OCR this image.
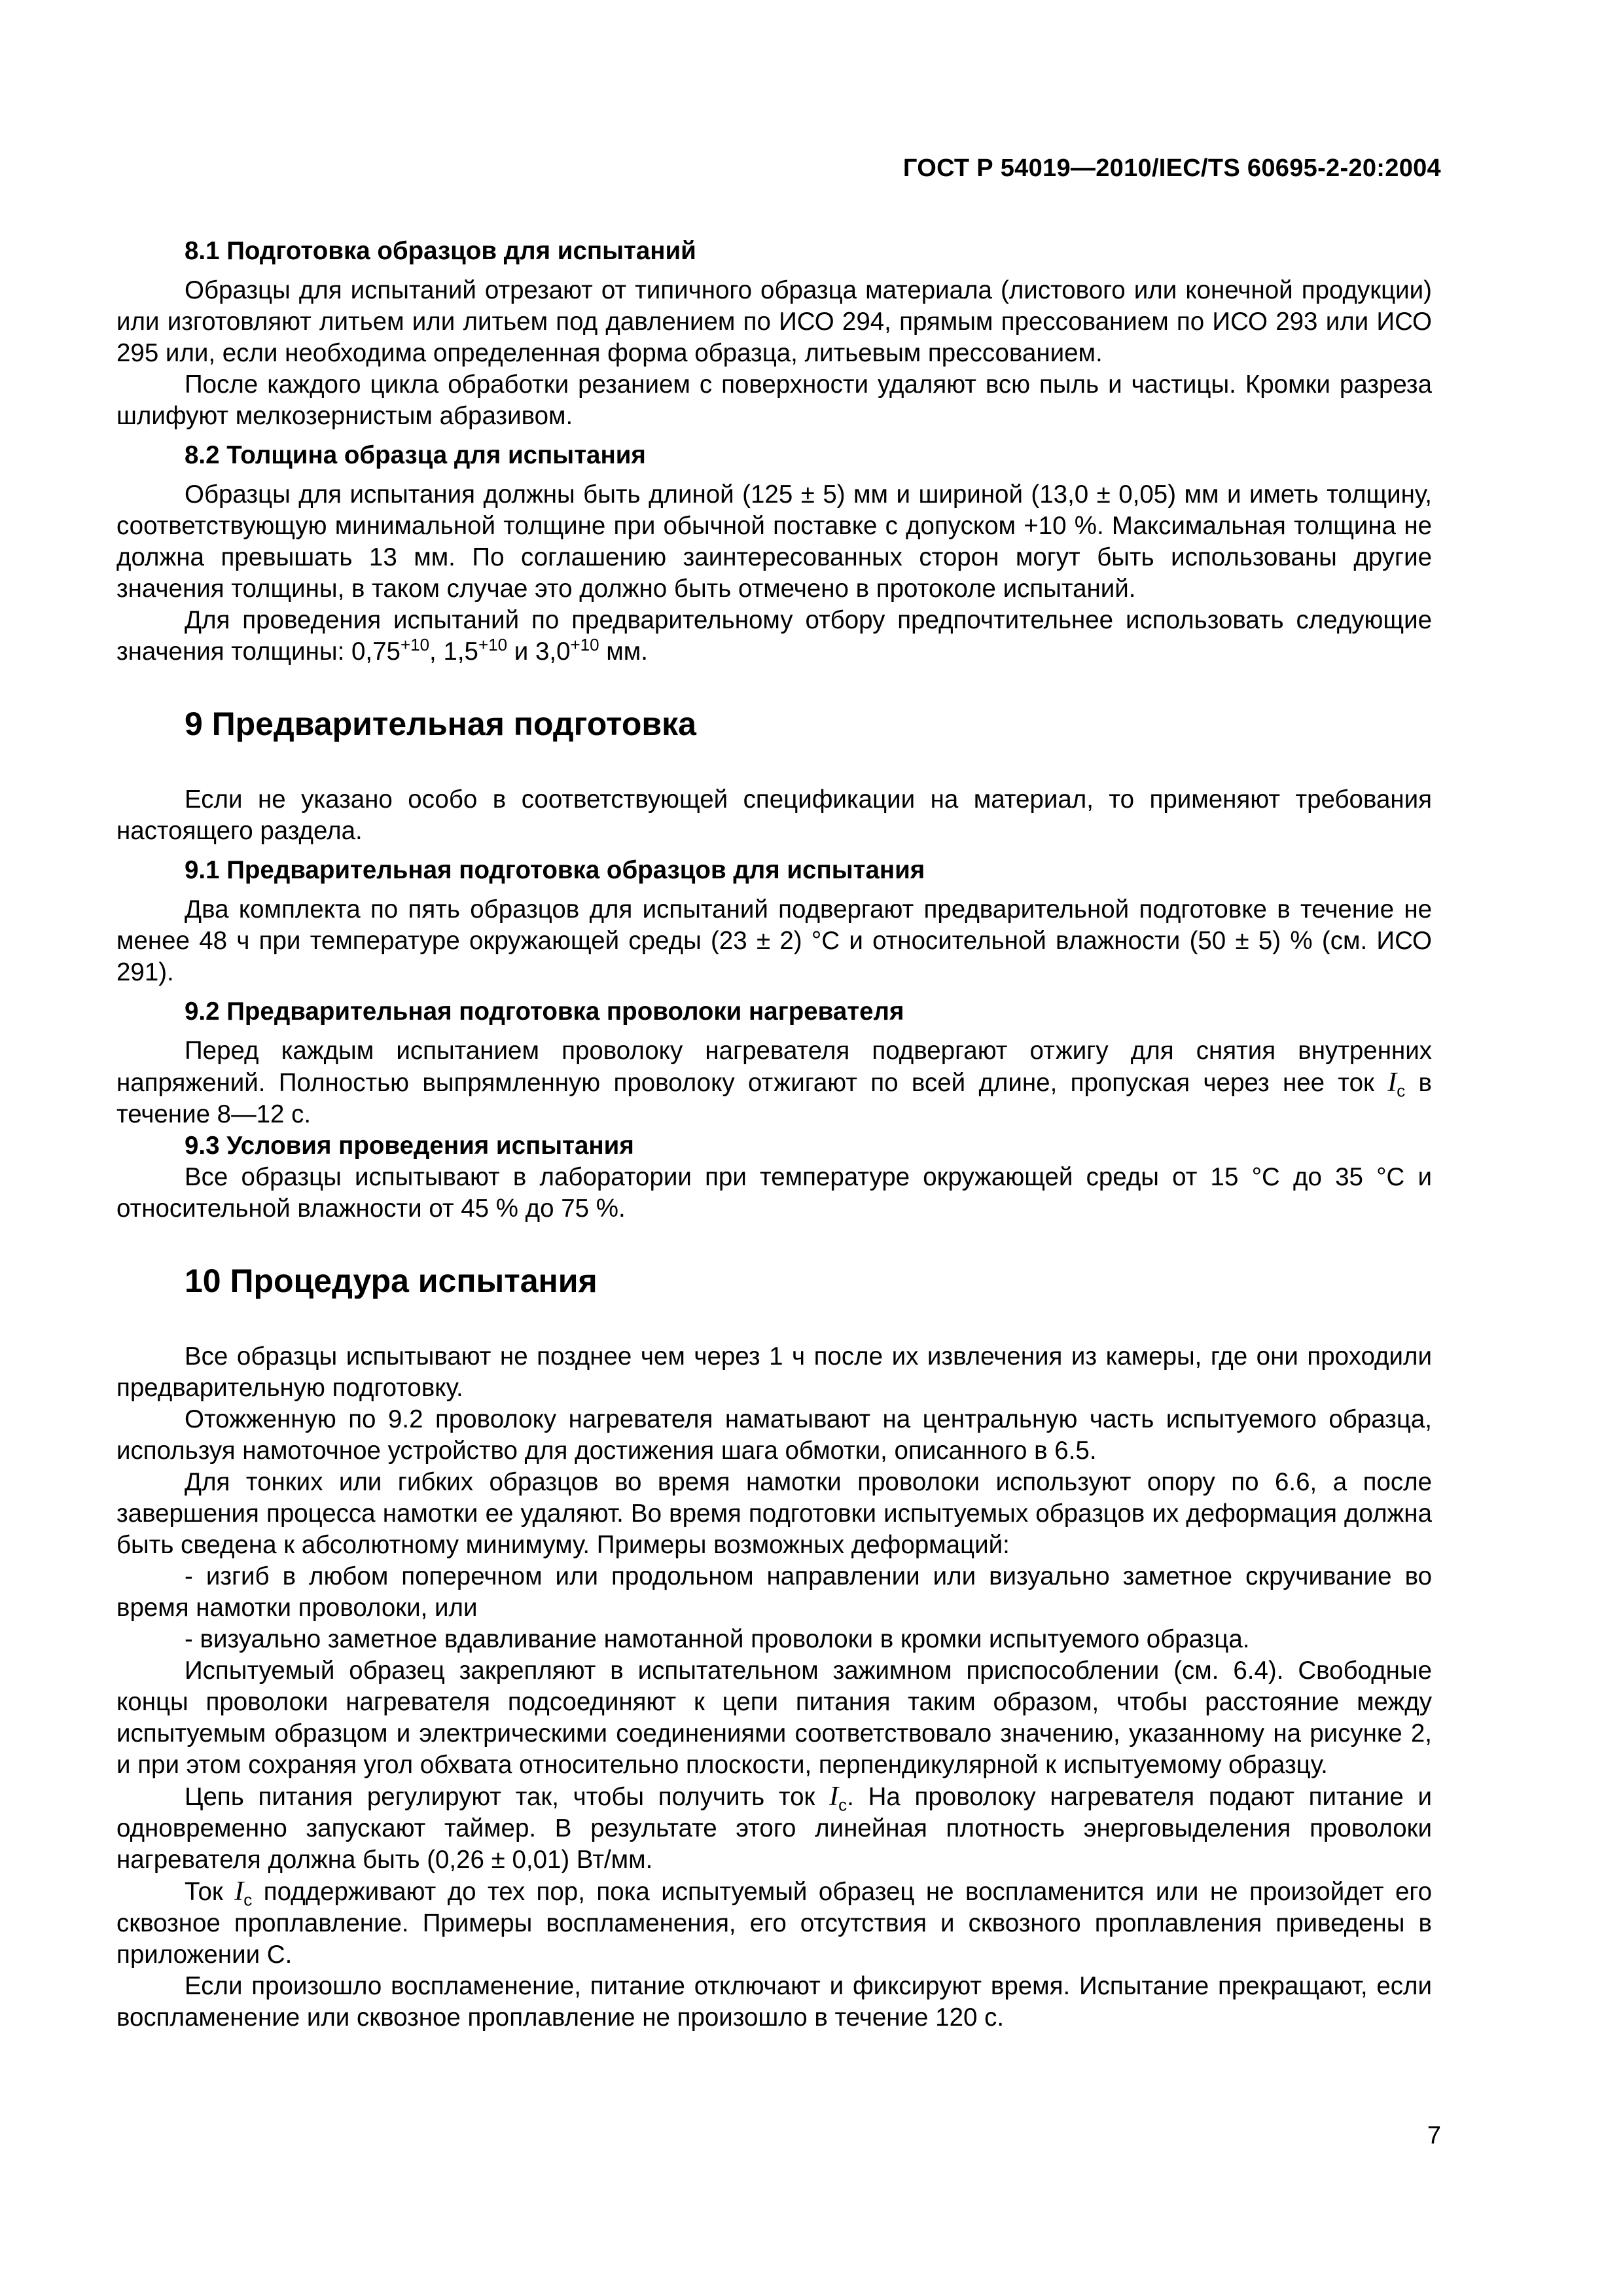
ГОСТ Р 54019—2010/IEC/TS 60695-2-20:2004

8.1 Подготовка образцов для испытаний

Образцы для испытаний отрезают от типичного образца материала (листового или конечной продукции) или изготовляют литьем или литьем под давлением по ИСО 294, прямым прессованием по ИСО 293 или ИСО 295 или, если необходима определенная форма образца, литьевым прессованием.

После каждого цикла обработки резанием с поверхности удаляют всю пыль и частицы. Кромки разреза шлифуют мелкозернистым абразивом.

8.2 Толщина образца для испытания

Образцы для испытания должны быть длиной (125 ± 5) мм и шириной (13,0 ± 0,05) мм и иметь толщину, соответствующую минимальной толщине при обычной поставке с допуском +10 %. Максимальная толщина не должна превышать 13 мм. По соглашению заинтересованных сторон могут быть использованы другие значения толщины, в таком случае это должно быть отмечено в протоколе испытаний.

Для проведения испытаний по предварительному отбору предпочтительнее использовать следующие значения толщины: $0,75^{+10}$, $1,5^{+10}$ и $3,0^{+10}$ мм.

9 Предварительная подготовка

Если не указано особо в соответствующей спецификации на материал, то применяют требования настоящего раздела.

9.1 Предварительная подготовка образцов для испытания

Два комплекта по пять образцов для испытаний подвергают предварительной подготовке в течение не менее 48 ч при температуре окружающей среды (23 ± 2) °С и относительной влажности (50 ± 5) % (см. ИСО 291).

9.2 Предварительная подготовка проволоки нагревателя

Перед каждым испытанием проволоку нагревателя подвергают отжигу для снятия внутренних напряжений. Полностью выпрямленную проволоку отжигают по всей длине, пропуская через нее ток $I_c$ в течение 8—12 с.

9.3 Условия проведения испытания

Все образцы испытывают в лаборатории при температуре окружающей среды от 15 °С до 35 °С и относительной влажности от 45 % до 75 %.

10 Процедура испытания

Все образцы испытывают не позднее чем через 1 ч после их извлечения из камеры, где они проходили предварительную подготовку.

Отожженную по 9.2 проволоку нагревателя наматывают на центральную часть испытуемого образца, используя намоточное устройство для достижения шага обмотки, описанного в 6.5.

Для тонких или гибких образцов во время намотки проволоки используют опору по 6.6, а после завершения процесса намотки ее удаляют. Во время подготовки испытуемых образцов их деформация должна быть сведена к абсолютному минимуму. Примеры возможных деформаций:

- изгиб в любом поперечном или продольном направлении или визуально заметное скручивание во время намотки проволоки, или

- визуально заметное вдавливание намотанной проволоки в кромки испытуемого образца.

Испытуемый образец закрепляют в испытательном зажимном приспособлении (см. 6.4). Свободные концы проволоки нагревателя подсоединяют к цепи питания таким образом, чтобы расстояние между испытуемым образцом и электрическими соединениями соответствовало значению, указанному на рисунке 2, и при этом сохраняя угол обхвата относительно плоскости, перпендикулярной к испытуемому образцу.

Цепь питания регулируют так, чтобы получить ток $I_c$. На проволоку нагревателя подают питание и одновременно запускают таймер. В результате этого линейная плотность энерговыделения проволоки нагревателя должна быть (0,26 ± 0,01) Вт/мм.

Ток $I_c$ поддерживают до тех пор, пока испытуемый образец не воспламенится или не произойдет его сквозное проплавление. Примеры воспламенения, его отсутствия и сквозного проплавления приведены в приложении С.

Если произошло воспламенение, питание отключают и фиксируют время. Испытание прекращают, если воспламенение или сквозное проплавление не произошло в течение 120 с.

7
